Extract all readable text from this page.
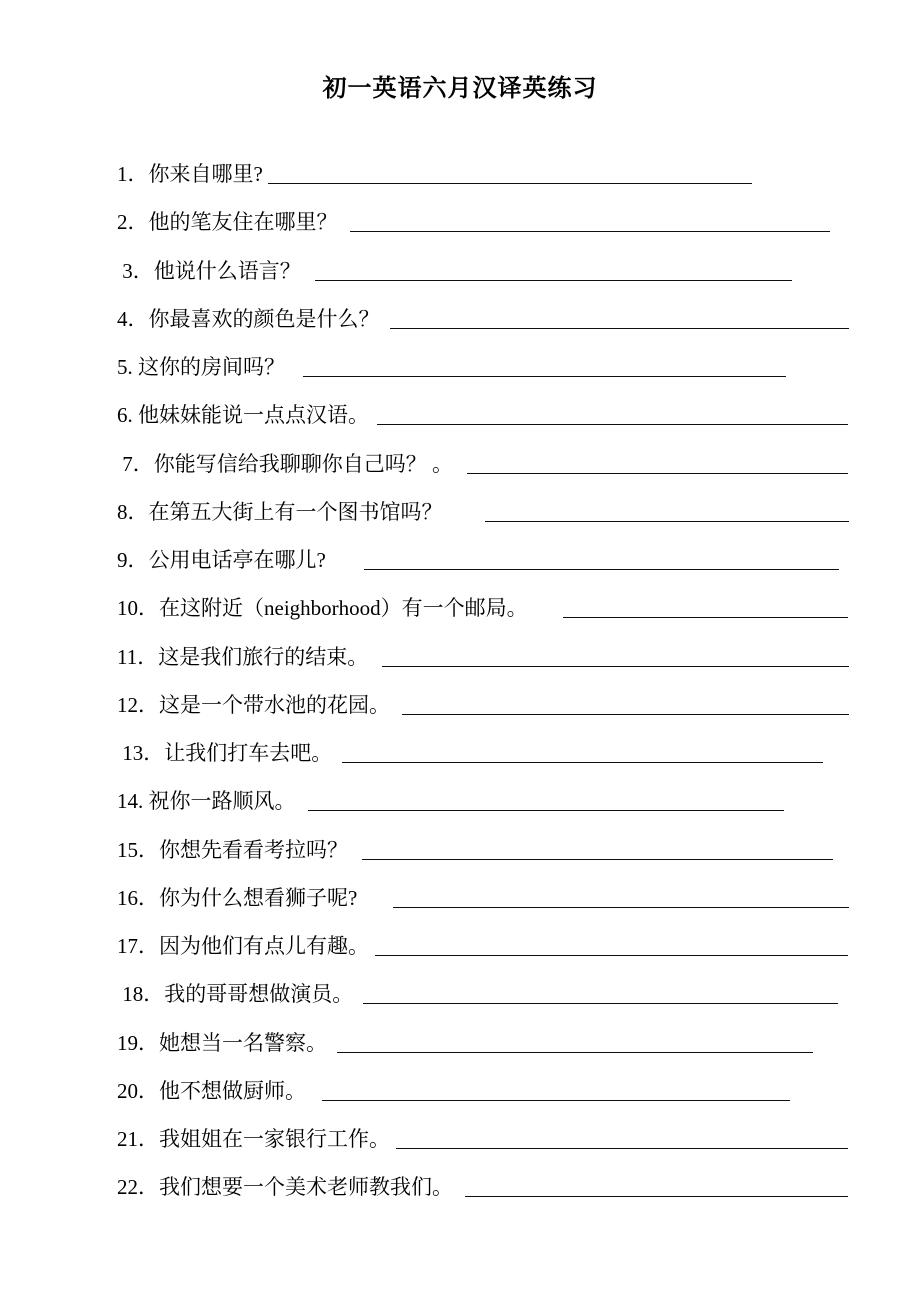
初一英语六月汉译英练习
1．你来自哪里?
2．他的笔友住在哪里？
3．他说什么语言？
4．你最喜欢的颜色是什么？
5. 这你的房间吗？
6. 他妹妹能说一点点汉语。
7．你能写信给我聊聊你自己吗？ 。
8．在第五大街上有一个图书馆吗？
9．公用电话亭在哪儿?
10．在这附近（neighborhood）有一个邮局。
11．这是我们旅行的结束。
12．这是一个带水池的花园。
13．让我们打车去吧。
14. 祝你一路顺风。
15．你想先看看考拉吗？
16．你为什么想看狮子呢?
17．因为他们有点儿有趣。
18．我的哥哥想做演员。
19．她想当一名警察。
20．他不想做厨师。
21．我姐姐在一家银行工作。
22．我们想要一个美术老师教我们。
